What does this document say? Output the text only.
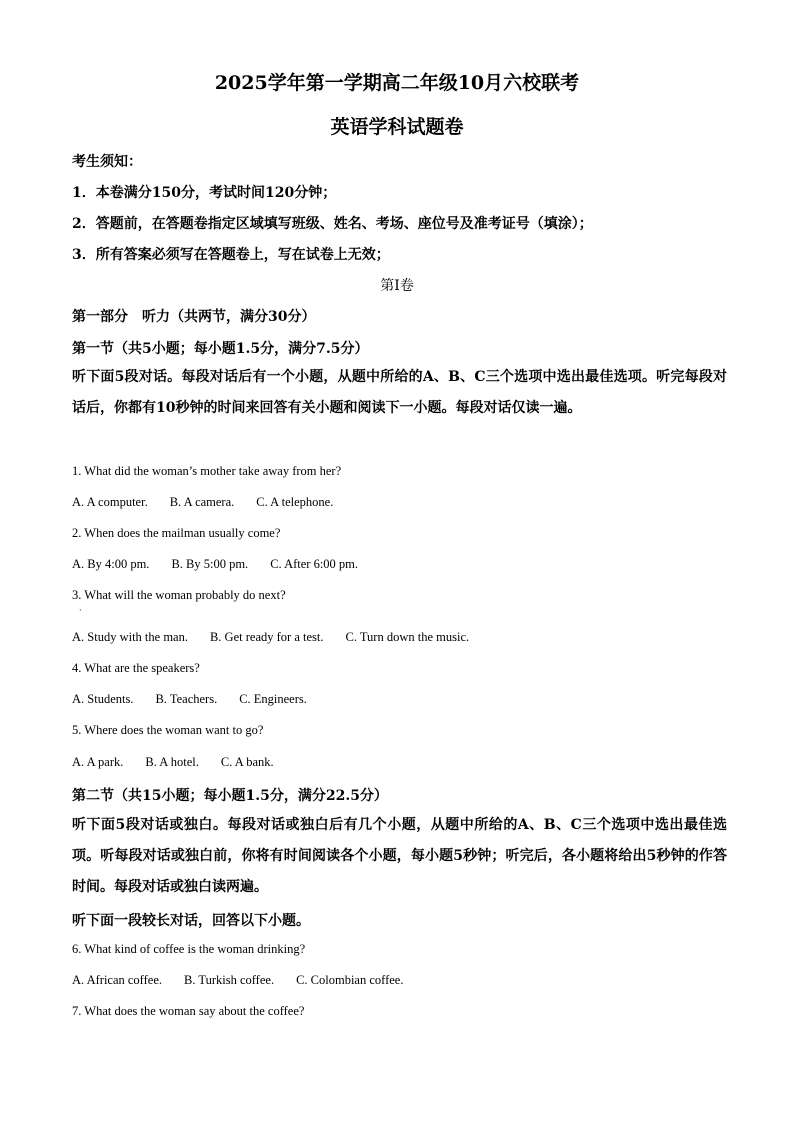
2025学年第一学期高二年级10月六校联考
英语学科试题卷
考生须知：
1．本卷满分150分，考试时间120分钟；
2．答题前，在答题卷指定区域填写班级、姓名、考场、座位号及准考证号（填涂）；
3．所有答案必须写在答题卷上，写在试卷上无效；
第Ⅰ卷
第一部分　听力（共两节，满分30分）
第一节（共5小题；每小题1.5分，满分7.5分）
听下面5段对话。每段对话后有一个小题，从题中所给的A、B、C三个选项中选出最佳选项。听完每段对话后，你都有10秒钟的时间来回答有关小题和阅读下一小题。每段对话仅读一遍。
1. What did the woman’s mother take away from her?
A. A computer. B. A camera. C. A telephone.
2. When does the mailman usually come?
A. By 4:00 pm. B. By 5:00 pm. C. After 6:00 pm.
3. What will the woman probably do next?
·
A. Study with the man. B. Get ready for a test. C. Turn down the music.
4. What are the speakers?
A. Students. B. Teachers. C. Engineers.
5. Where does the woman want to go?
A. A park. B. A hotel. C. A bank.
第二节（共15小题；每小题1.5分，满分22.5分）
听下面5段对话或独白。每段对话或独白后有几个小题，从题中所给的A、B、C三个选项中选出最佳选项。听每段对话或独白前，你将有时间阅读各个小题，每小题5秒钟；听完后，各小题将给出5秒钟的作答时间。每段对话或独白读两遍。
听下面一段较长对话，回答以下小题。
6. What kind of coffee is the woman drinking?
A. African coffee. B. Turkish coffee. C. Colombian coffee.
7. What does the woman say about the coffee?
